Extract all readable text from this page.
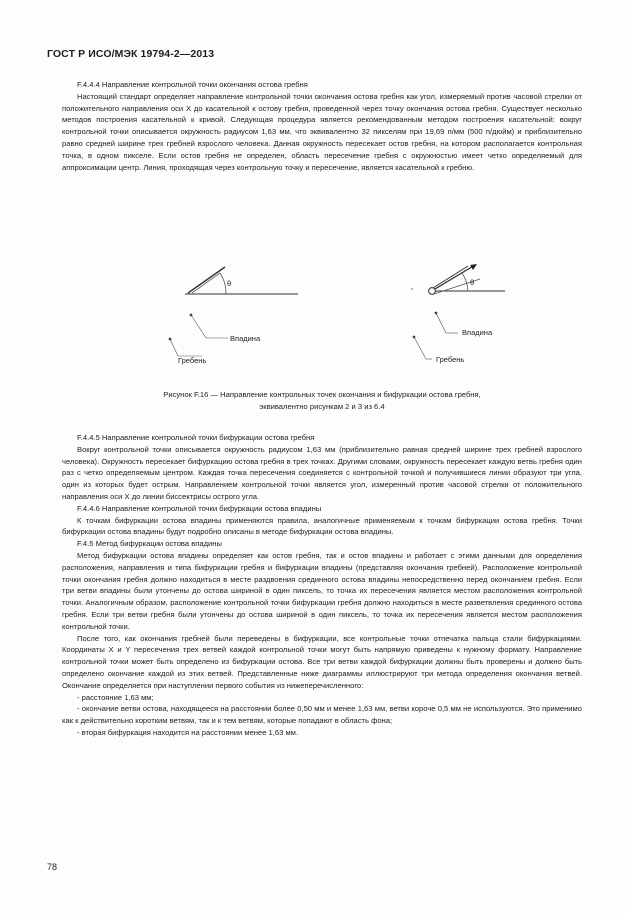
ГОСТ Р ИСО/МЭК 19794-2—2013

F.4.4.4 Направление контрольной точки окончания остова гребня

Настоящий стандарт определяет направление контрольной точки окончания остова гребня как угол, измеряемый против часовой стрелки от положительного направления оси X до касательной к остову гребня, проведенной через точку окончания остова гребня. Существует несколько методов построения касательной к кривой. Следующая процедура является рекомендованным методом построения касательной: вокруг контрольной точки описывается окружность радиусом 1,63 мм, что эквивалентно 32 пикселям при 19,69 п/мм (500 п/дюйм) и приблизительно равно средней ширине трех гребней взрослого человека. Данная окружность пересекает остов гребня, на котором располагается контрольная точка, в одном пикселе. Если остов гребня не определен, область пересечение гребня с окружностью имеет четко определяемый для аппроксимации центр. Линия, проходящая через контрольную точку и пересечение, является касательной к гребню.

θ
Впадина
Гребень
θ
Впадина
Гребень
Рисунок F.16 — Направление контрольных точек окончания и бифуркации остова гребня,
эквивалентно рисункам 2 и 3 из 6.4

F.4.4.5 Направление контрольной точки бифуркации остова гребня

Вокруг контрольной точки описывается окружность радиусом 1,63 мм (приблизительно равная средней ширине трех гребней взрослого человека). Окружность пересекает бифуркацию остова гребня в трех точках. Другими словами, окружность пересекает каждую ветвь гребня один раз с четко определяемым центром. Каждая точка пересечения соединяется с контрольной точкой и получившиеся линии образуют три угла, один из которых будет острым. Направлением контрольной точки является угол, измеренный против часовой стрелки от положительного направления оси X до линии биссектрисы острого угла.

F.4.4.6 Направление контрольной точки бифуркации остова впадины

К точкам бифуркации остова впадины применяются правила, аналогичные применяемым к точкам бифуркации остова гребня. Точки бифуркации остова впадины будут подробно описаны в методе бифуркации остова впадины.

F.4.5 Метод бифуркации остова впадины

Метод бифуркации остова впадины определяет как остов гребня, так и остов впадины и работает с этими данными для определения расположения, направления и типа бифуркации гребня и бифуркации впадины (представляя окончания гребней). Расположение контрольной точки окончания гребня должно находиться в месте раздвоения срединного остова впадины непосредственно перед окончанием гребня. Если три ветви впадины были утончены до остова шириной в один пиксель, то точка их пересечения является местом расположения контрольной точки. Аналогичным образом, расположение контрольной точки бифуркации гребня должно находиться в месте разветвления срединного остова гребня. Если три ветви гребня были утончены до остова шириной в один пиксель, то точка их пересечения является местом расположения контрольной точки.

После того, как окончания гребней были переведены в бифуркации, все контрольные точки отпечатка пальца стали бифуркациями. Координаты X и Y пересечения трех ветвей каждой контрольной точки могут быть напрямую приведены к нужному формату. Направление контрольной точки может быть определено из бифуркации остова. Все три ветви каждой бифуркации должны быть проверены и должно быть определено окончание каждой из этих ветвей. Представленные ниже диаграммы иллюстрируют три метода определения окончания ветвей. Окончание определяется при наступлении первого события из нижеперечисленного:

- расстояние 1,63 мм;

- окончание ветви остова, находящееся на расстоянии более 0,50 мм и менее 1,63 мм, ветви короче 0,5 мм не используются. Это применимо как к действительно коротким ветвям, так и к тем ветвям, которые попадают в область фона;

- вторая бифуркация находится на расстоянии менее 1,63 мм.

78
